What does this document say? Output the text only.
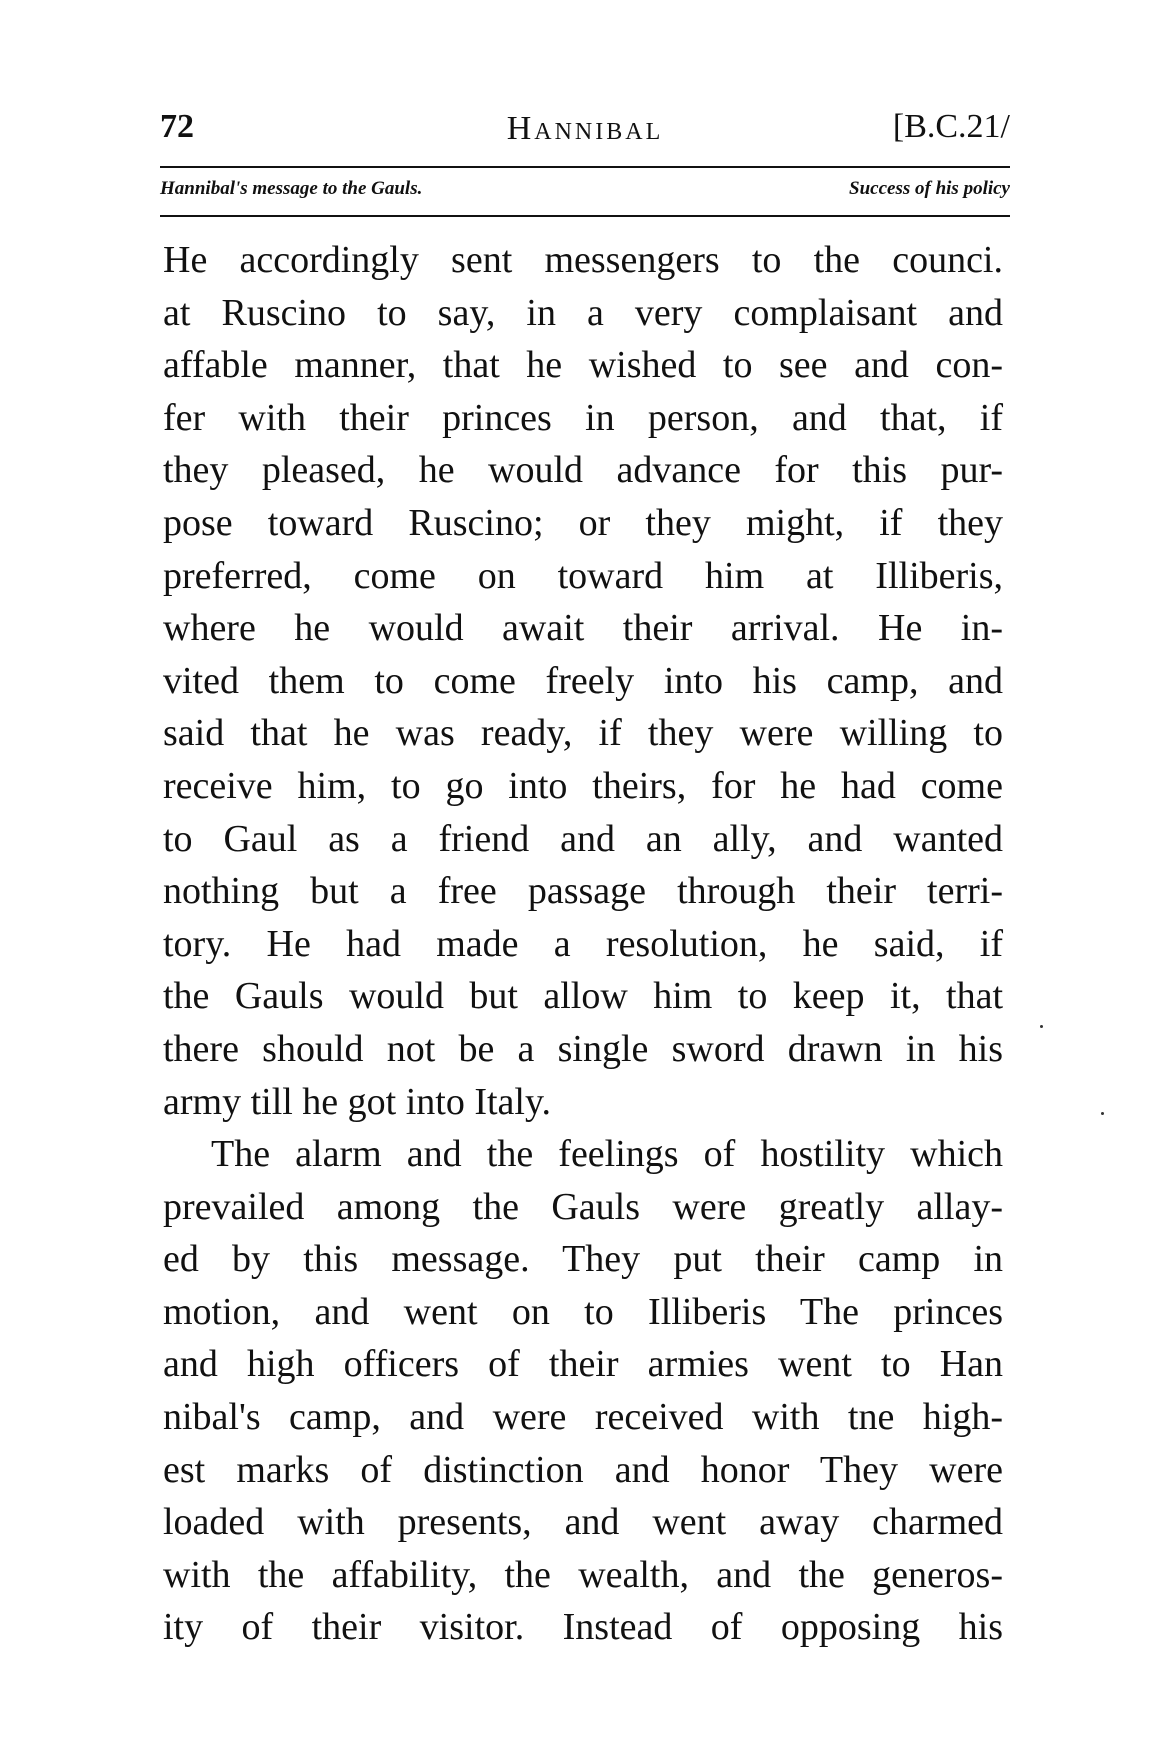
72	Hannibal	[B.C.21/
Hannibal's message to the Gauls.	Success of his policy
He accordingly sent messengers to the counci.
at Ruscino to say, in a very complaisant and
affable manner, that he wished to see and con-
fer with their princes in person, and that, if
they pleased, he would advance for this pur-
pose toward Ruscino; or they might, if they
preferred, come on toward him at Illiberis,
where he would await their arrival. He in-
vited them to come freely into his camp, and
said that he was ready, if they were willing to
receive him, to go into theirs, for he had come
to Gaul as a friend and an ally, and wanted
nothing but a free passage through their terri-
tory. He had made a resolution, he said, if
the Gauls would but allow him to keep it, that
there should not be a single sword drawn in his
army till he got into Italy.
The alarm and the feelings of hostility which
prevailed among the Gauls were greatly allay-
ed by this message. They put their camp in
motion, and went on to Illiberis The princes
and high officers of their armies went to Han
nibal's camp, and were received with tne high-
est marks of distinction and honor They were
loaded with presents, and went away charmed
with the affability, the wealth, and the generos-
ity of their visitor. Instead of opposing his
